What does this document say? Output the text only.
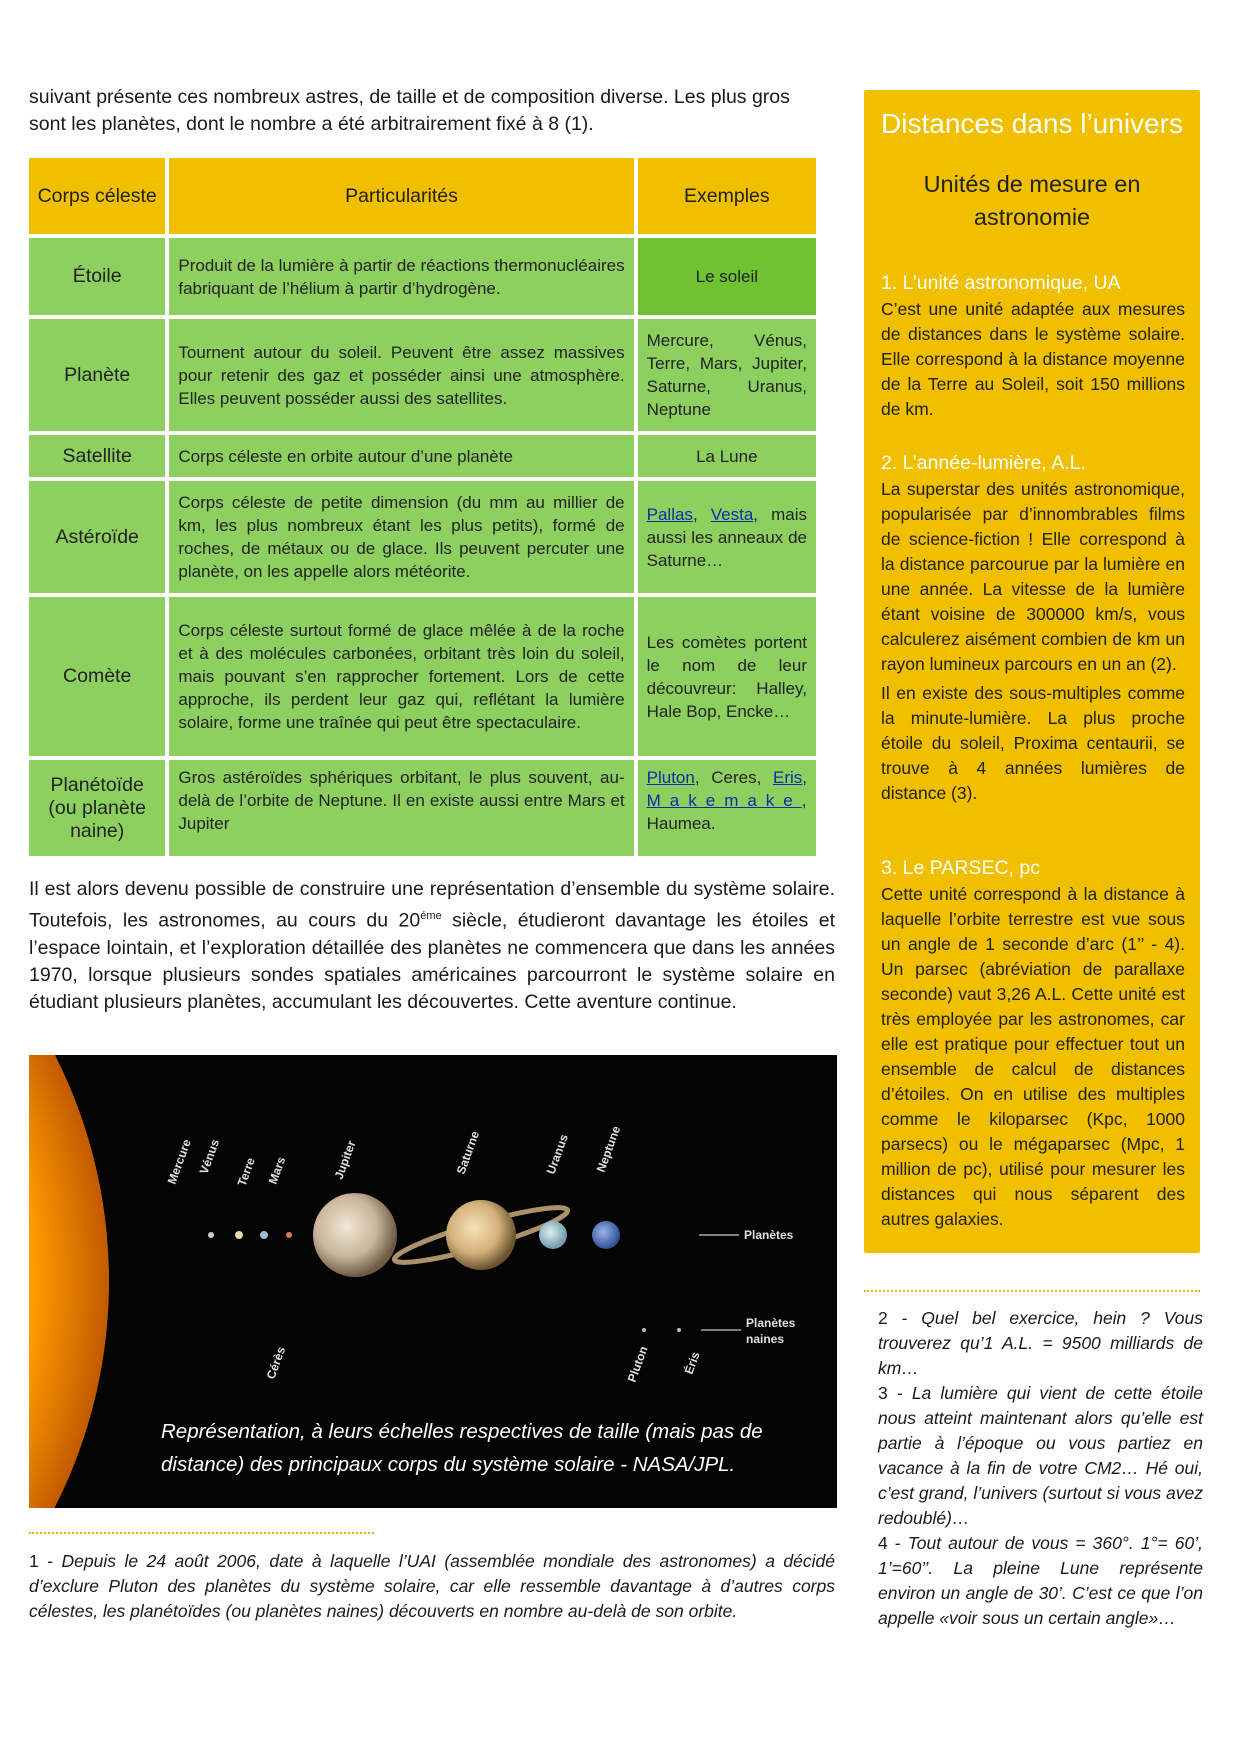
suivant présente ces nombreux astres, de taille et de composition diverse. Les plus gros sont les planètes, dont le nombre a été arbitrairement fixé à 8 (1).
Corps céleste	Particularités	Exemples
Étoile	Produit de la lumière à partir de réactions thermonucléaires fabriquant de l’hélium à partir d’hydrogène.	Le soleil
Planète	Tournent autour du soleil. Peuvent être assez massives pour retenir des gaz et posséder ainsi une atmosphère. Elles peuvent posséder aussi des satellites.	Mercure, Vénus, Terre, Mars, Jupiter, Saturne, Uranus, Neptune
Satellite	Corps céleste en orbite autour d’une planète	La Lune
Astéroïde	Corps céleste de petite dimension (du mm au millier de km, les plus nombreux étant les plus petits), formé de roches, de métaux ou de glace. Ils peuvent percuter une planète, on les appelle alors météorite.	Pallas, Vesta, mais aussi les anneaux de Saturne…
Comète	Corps céleste surtout formé de glace mêlée à de la roche et à des molécules carbonées, orbitant très loin du soleil, mais pouvant s’en rapprocher fortement. Lors de cette approche, ils perdent leur gaz qui, reflétant la lumière solaire, forme une traînée qui peut être spectaculaire.	Les comètes portent le nom de leur découvreur: Halley, Hale Bop, Encke…
Planétoïde (ou planète naine)	Gros astéroïdes sphériques orbitant, le plus souvent, au-delà de l’orbite de Neptune. Il en existe aussi entre Mars et Jupiter	Pluton, Ceres, Eris, Makemake, Haumea.
Il est alors devenu possible de construire une représentation d’ensemble du système solaire. Toutefois, les astronomes, au cours du $20^{éme}$ siècle, étudieront davantage les étoiles et l’espace lointain, et l’exploration détaillée des planètes ne commencera que dans les années 1970, lorsque plusieurs sondes spatiales américaines parcourront le système solaire en étudiant plusieurs planètes, accumulant les découvertes. Cette aventure continue.
Mercure Vénus Terre Mars	Jupiter	Saturne	Uranus Neptune
Cérès	Pluton	Éris
Planètes
Planètes
naines
Représentation, à leurs échelles respectives de taille (mais pas de distance) des principaux corps du système solaire - NASA/JPL.
1 - Depuis le 24 août 2006, date à laquelle l’UAI (assemblée mondiale des astronomes) a décidé d’exclure Pluton des planètes du système solaire, car elle ressemble davantage à d’autres corps célestes, les planétoïdes (ou planètes naines) découverts en nombre au-delà de son orbite.
Distances dans l’univers
Unités de mesure en astronomie
1. L’unité astronomique, UA

C’est une unité adaptée aux mesures de distances dans le système solaire. Elle correspond à la distance moyenne de la Terre au Soleil, soit 150 millions de km.

2. L’année-lumière, A.L.

La superstar des unités astronomique, popularisée par d’innombrables films de science-fiction ! Elle correspond à la distance parcourue par la lumière en une année. La vitesse de la lumière étant voisine de 300000 km/s, vous calculerez aisément combien de km un rayon lumineux parcours en un an (2).

Il en existe des sous-multiples comme la minute-lumière. La plus proche étoile du soleil, Proxima centaurii, se trouve à 4 années lumières de distance (3).

3. Le PARSEC, pc

Cette unité correspond à la distance à laquelle l’orbite terrestre est vue sous un angle de 1 seconde d’arc (1’’ - 4). Un parsec (abréviation de parallaxe seconde) vaut 3,26 A.L. Cette unité est très employée par les astronomes, car elle est pratique pour effectuer tout un ensemble de calcul de distances d’étoiles. On en utilise des multiples comme le kiloparsec (Kpc, 1000 parsecs) ou le mégaparsec (Mpc, 1 million de pc), utilisé pour mesurer les distances qui nous séparent des autres galaxies.

2 - Quel bel exercice, hein ? Vous trouverez qu’1 A.L. = 9500 milliards de km…

3 - La lumière qui vient de cette étoile nous atteint maintenant alors qu’elle est partie à l’époque ou vous partiez en vacance à la fin de votre CM2… Hé oui, c’est grand, l’univers (surtout si vous avez redoublé)…

4 - Tout autour de vous = 360°. 1°= 60’, 1’=60’’. La pleine Lune représente environ un angle de 30’. C’est ce que l’on appelle «voir sous un certain angle»…
